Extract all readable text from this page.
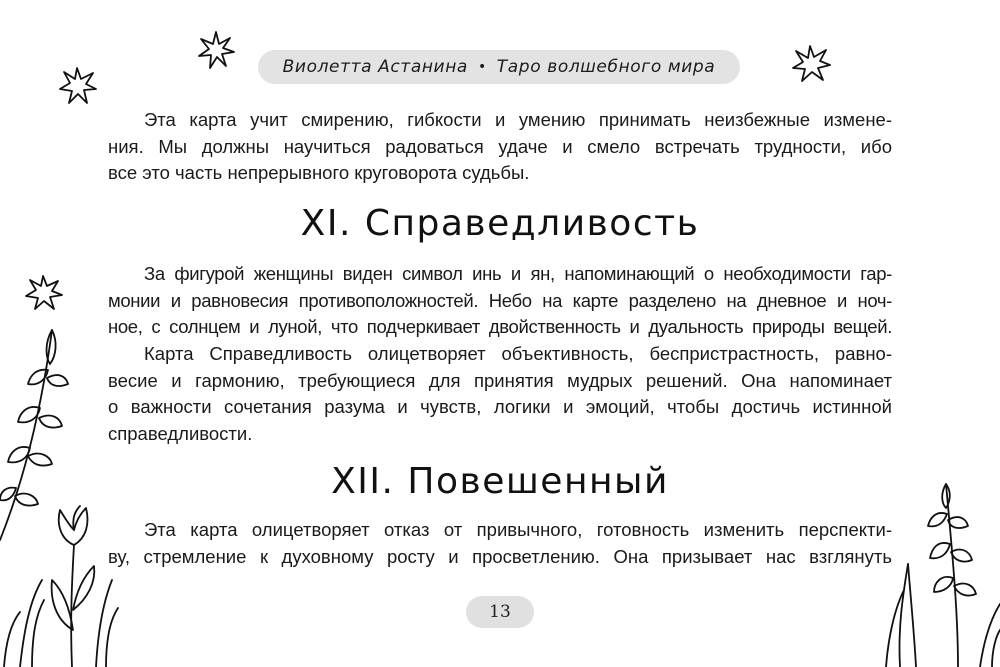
Виолетта Астанина • Таро волшебного мира

Эта карта учит смирению, гибкости и умению принимать неизбежные измене-
ния. Мы должны научиться радоваться удаче и смело встречать трудности, ибо
все это часть непрерывного круговорота судьбы.

XI. Справедливость

За фигурой женщины виден символ инь и ян, напоминающий о необходимости гар-
монии и равновесия противоположностей. Небо на карте разделено на дневное и ноч-
ное, с солнцем и луной, что подчеркивает двойственность и дуальность природы вещей.

Карта Справедливость олицетворяет объективность, беспристрастность, равно-
весие и гармонию, требующиеся для принятия мудрых решений. Она напоминает
о важности сочетания разума и чувств, логики и эмоций, чтобы достичь истинной
справедливости.

XII. Повешенный

Эта карта олицетворяет отказ от привычного, готовность изменить перспекти-
ву, стремление к духовному росту и просветлению. Она призывает нас взглянуть

13
